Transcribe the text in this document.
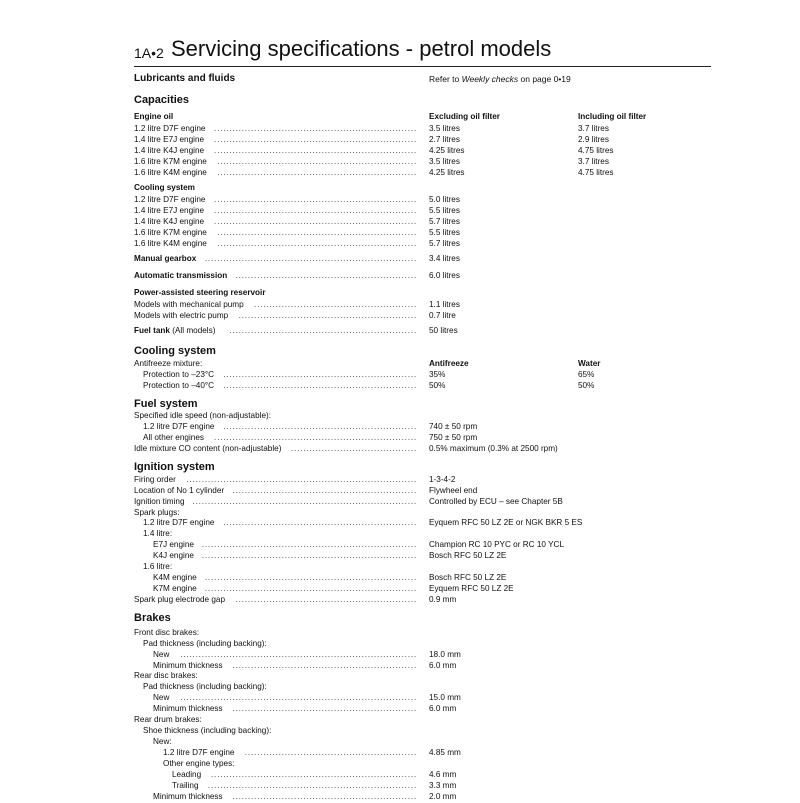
1A•2 Servicing specifications - petrol models
Lubricants and fluids	Refer to Weekly checks on page 0•19
Capacities
Cooling system
Fuel system
Ignition system
Brakes
Engine oil	Excluding oil filter	Including oil filter
1.2 litre D7F engine	.................................................................. 3.5 litres	3.7 litres
1.4 litre E7J engine	.................................................................. 2.7 litres	2.9 litres
1.4 litre K4J engine	.................................................................. 4.25 litres	4.75 litres
1.6 litre K7M engine	................................................................. 3.5 litres	3.7 litres
1.6 litre K4M engine	................................................................. 4.25 litres	4.75 litres
Cooling system
1.2 litre D7F engine	.................................................................. 5.0 litres
1.4 litre E7J engine	.................................................................. 5.5 litres
1.4 litre K4J engine	.................................................................. 5.7 litres
1.6 litre K7M engine	................................................................. 5.5 litres
1.6 litre K4M engine	................................................................. 5.7 litres
Manual gearbox	..................................................................... 3.4 litres
Automatic transmission ........................................................... 6.0 litres
Power-assisted steering reservoir
Models with mechanical pump	..................................................... 1.1 litres
Models with electric pump	.......................................................... 0.7 litre
Fuel tank (All models)	............................................................. 50 litres
Antifreeze mixture:	Antifreeze	Water
Protection to –23°C	............................................................... 35%	65%
Protection to –40°C	............................................................... 50%	50%
Specified idle speed (non-adjustable):
1.2 litre D7F engine	............................................................... 740 ± 50 rpm
All other engines	.................................................................. 750 ± 50 rpm
Idle mixture CO content (non-adjustable)	......................................... 0.5% maximum (0.3% at 2500 rpm)
Firing order	........................................................................... 1-3-4-2
Location of No 1 cylinder ............................................................ Flywheel end
Ignition timing ......................................................................... Controlled by ECU – see Chapter 5B
Spark plugs:
1.2 litre D7F engine	............................................................... Eyquem RFC 50 LZ 2E or NGK BKR 5 ES
1.4 litre:
E7J engine ...................................................................... Champion RC 10 PYC or RC 10 YCL
K4J engine ...................................................................... Bosch RFC 50 LZ 2E
1.6 litre:
K4M engine ..................................................................... Bosch RFC 50 LZ 2E
K7M engine ..................................................................... Eyquem RFC 50 LZ 2E
Spark plug electrode gap	........................................................... 0.9 mm
Front disc brakes:
Pad thickness (including backing):
New	............................................................................. 18.0 mm
Minimum thickness	............................................................ 6.0 mm
Rear disc brakes:
Pad thickness (including backing):
New	............................................................................. 15.0 mm
Minimum thickness	............................................................ 6.0 mm
Rear drum brakes:
Shoe thickness (including backing):
New:
1.2 litre D7F engine	........................................................ 4.85 mm
Other engine types:
Leading	................................................................... 4.6 mm
Trailing	.................................................................... 3.3 mm
Minimum thickness	............................................................ 2.0 mm
